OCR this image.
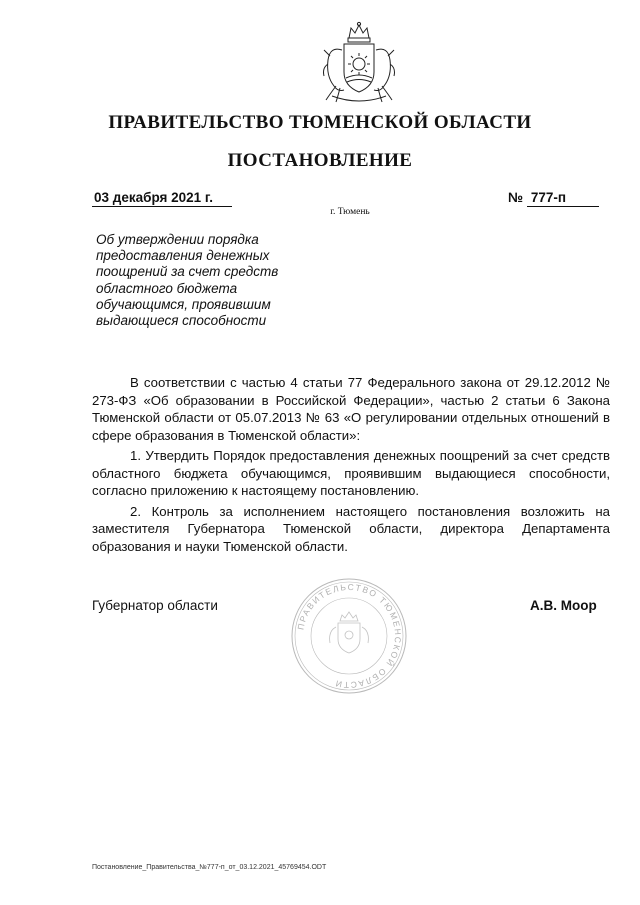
ПРАВИТЕЛЬСТВО ТЮМЕНСКОЙ ОБЛАСТИ
ПОСТАНОВЛЕНИЕ
03 декабря 2021 г.	№ 777-п
г. Тюмень
Об утверждении порядка
предоставления денежных
поощрений за счет средств
областного бюджета
обучающимся, проявившим
выдающиеся способности

В соответствии с частью 4 статьи 77 Федерального закона от 29.12.2012 № 273-ФЗ «Об образовании в Российской Федерации», частью 2 статьи 6 Закона Тюменской области от 05.07.2013 № 63 «О регулировании отдельных отношений в сфере образования в Тюменской области»:

1. Утвердить Порядок предоставления денежных поощрений за счет средств областного бюджета обучающимся, проявившим выдающиеся способности, согласно приложению к настоящему постановлению.

2. Контроль за исполнением настоящего постановления возложить на заместителя Губернатора Тюменской области, директора Департамента образования и науки Тюменской области.

ПРАВИТЕЛЬСТВО ТЮМЕНСКОЙ ОБЛАСТИ
Губернатор области	А.В. Моор
Постановление_Правительства_№777-п_от_03.12.2021_45769454.ODT
